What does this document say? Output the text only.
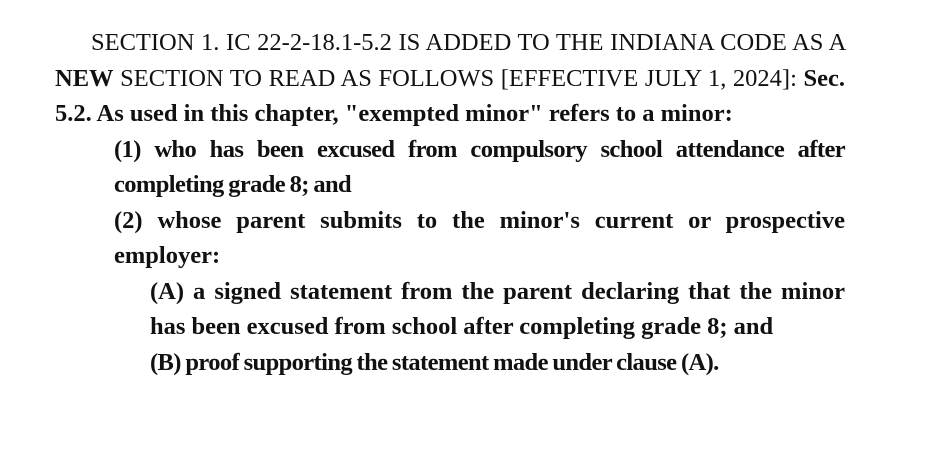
SECTION 1. IC 22-2-18.1-5.2 IS ADDED TO THE INDIANA CODE AS A NEW SECTION TO READ AS FOLLOWS [EFFECTIVE JULY 1, 2024]: Sec. 5.2. As used in this chapter, "exempted minor" refers to a minor:

(1) who has been excused from compulsory school attendance after completing grade 8; and

(2) whose parent submits to the minor's current or prospective employer:

(A) a signed statement from the parent declaring that the minor has been excused from school after completing grade 8; and

(B) proof supporting the statement made under clause (A).
